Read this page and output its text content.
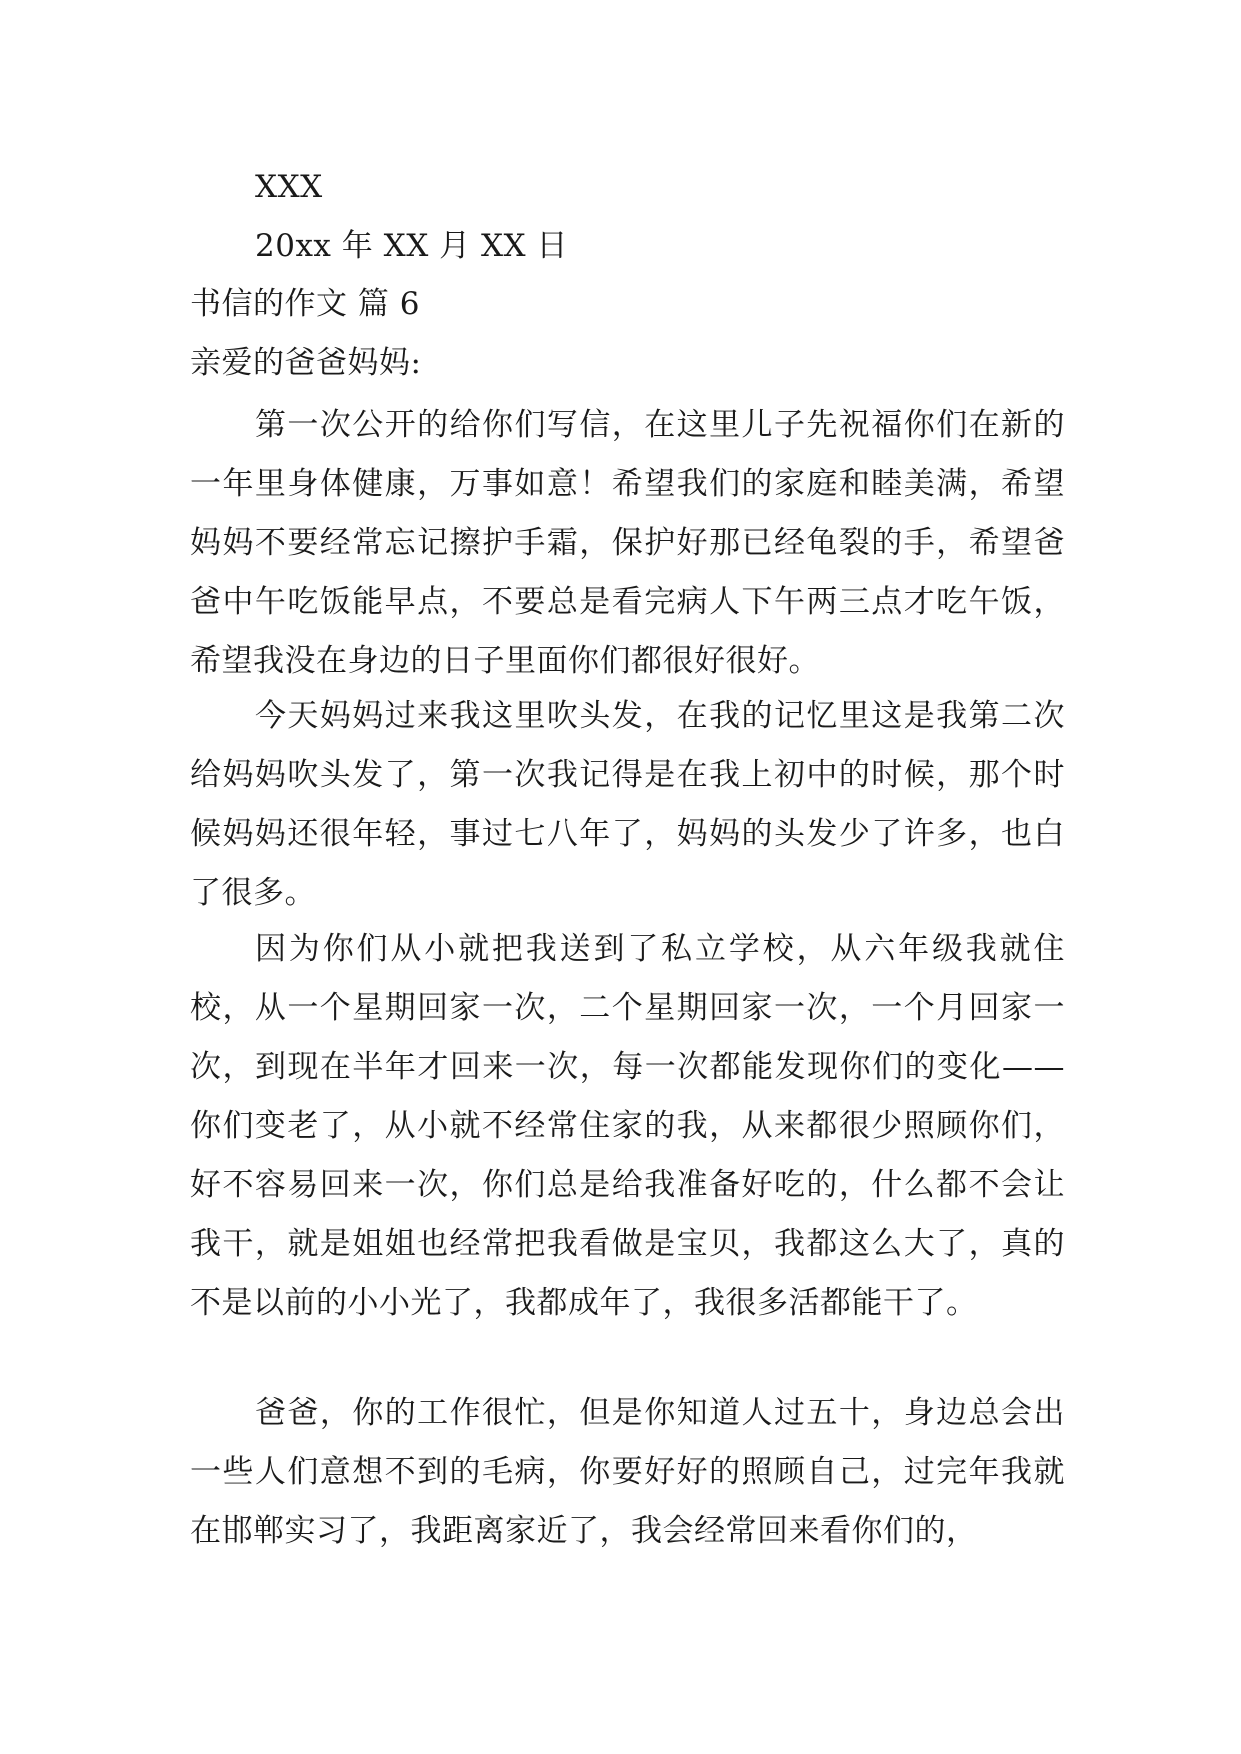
XXX
20xx 年 XX 月 XX 日
书信的作文 篇 6
亲爱的爸爸妈妈:

第一次公开的给你们写信，在这里儿子先祝福你们在新的一年里身体健康，万事如意！希望我们的家庭和睦美满，希望妈妈不要经常忘记擦护手霜，保护好那已经龟裂的手，希望爸爸中午吃饭能早点，不要总是看完病人下午两三点才吃午饭，希望我没在身边的日子里面你们都很好很好。

今天妈妈过来我这里吹头发，在我的记忆里这是我第二次给妈妈吹头发了，第一次我记得是在我上初中的时候，那个时候妈妈还很年轻，事过七八年了，妈妈的头发少了许多，也白了很多。

因为你们从小就把我送到了私立学校，从六年级我就住校，从一个星期回家一次，二个星期回家一次，一个月回家一次，到现在半年才回来一次，每一次都能发现你们的变化——你们变老了，从小就不经常住家的我，从来都很少照顾你们，好不容易回来一次，你们总是给我准备好吃的，什么都不会让我干，就是姐姐也经常把我看做是宝贝，我都这么大了，真的不是以前的小小光了，我都成年了，我很多活都能干了。

爸爸，你的工作很忙，但是你知道人过五十，身边总会出一些人们意想不到的毛病，你要好好的照顾自己，过完年我就在邯郸实习了，我距离家近了，我会经常回来看你们的，
